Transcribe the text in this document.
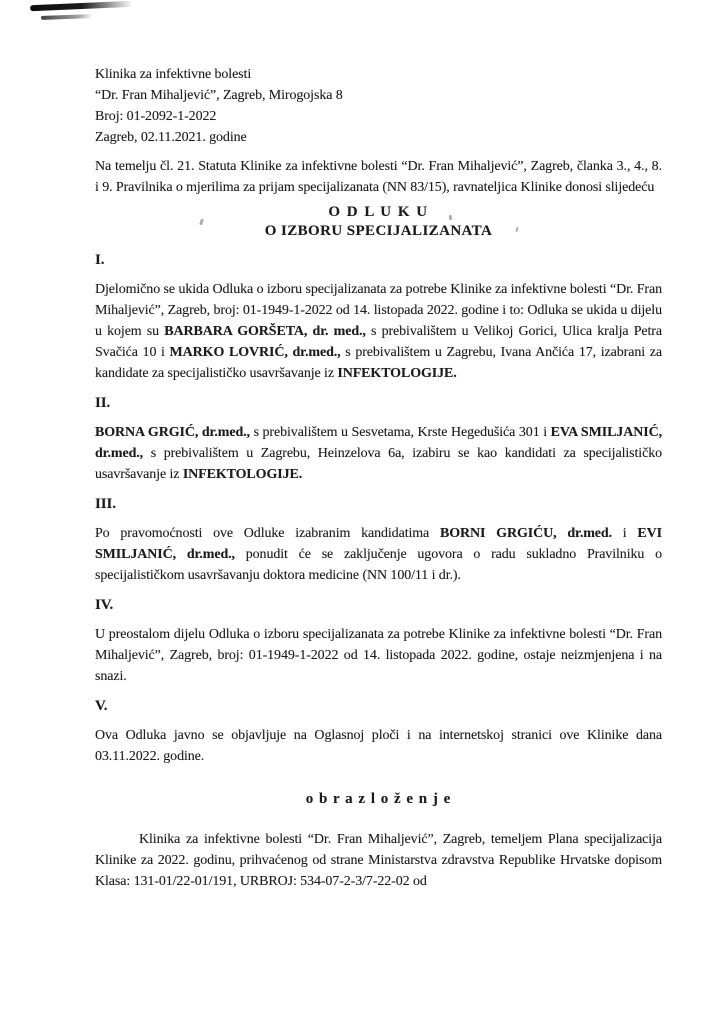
Klinika za infektivne bolesti
“Dr. Fran Mihaljević”, Zagreb, Mirogojska 8
Broj: 01-2092-1-2022
Zagreb, 02.11.2021. godine

Na temelju čl. 21. Statuta Klinike za infektivne bolesti “Dr. Fran Mihaljević”, Zagreb, članka 3., 4., 8. i 9. Pravilnika o mjerilima za prijam specijalizanata (NN 83/15), ravnateljica Klinike donosi slijedeću

O D L U K U
O IZBORU SPECIJALIZANATA
I.

Djelomično se ukida Odluka o izboru specijalizanata za potrebe Klinike za infektivne bolesti “Dr. Fran Mihaljević”, Zagreb, broj: 01-1949-1-2022 od 14. listopada 2022. godine i to: Odluka se ukida u dijelu u kojem su BARBARA GORŠETA, dr. med., s prebivalištem u Velikoj Gorici, Ulica kralja Petra Svačića 10 i MARKO LOVRIĆ, dr.med., s prebivalištem u Zagrebu, Ivana Ančića 17, izabrani za kandidate za specijalističko usavršavanje iz INFEKTOLOGIJE.

II.

BORNA GRGIĆ, dr.med., s prebivalištem u Sesvetama, Krste Hegedušića 301 i EVA SMILJANIĆ, dr.med., s prebivalištem u Zagrebu, Heinzelova 6a, izabiru se kao kandidati za specijalističko usavršavanje iz INFEKTOLOGIJE.

III.

Po pravomoćnosti ove Odluke izabranim kandidatima BORNI GRGIĆU, dr.med. i EVI SMILJANIĆ, dr.med., ponudit će se zaključenje ugovora o radu sukladno Pravilniku o specijalističkom usavršavanju doktora medicine (NN 100/11 i dr.).

IV.

U preostalom dijelu Odluka o izboru specijalizanata za potrebe Klinike za infektivne bolesti “Dr. Fran Mihaljević”, Zagreb, broj: 01-1949-1-2022 od 14. listopada 2022. godine, ostaje neizmjenjena i na snazi.

V.

Ova Odluka javno se objavljuje na Oglasnoj ploči i na internetskoj stranici ove Klinike dana 03.11.2022. godine.

o b r a z l o ž e n j e

Klinika za infektivne bolesti “Dr. Fran Mihaljević”, Zagreb, temeljem Plana specijalizacija Klinike za 2022. godinu, prihvaćenog od strane Ministarstva zdravstva Republike Hrvatske dopisom Klasa: 131-01/22-01/191, URBROJ: 534-07-2-3/7-22-02 od
